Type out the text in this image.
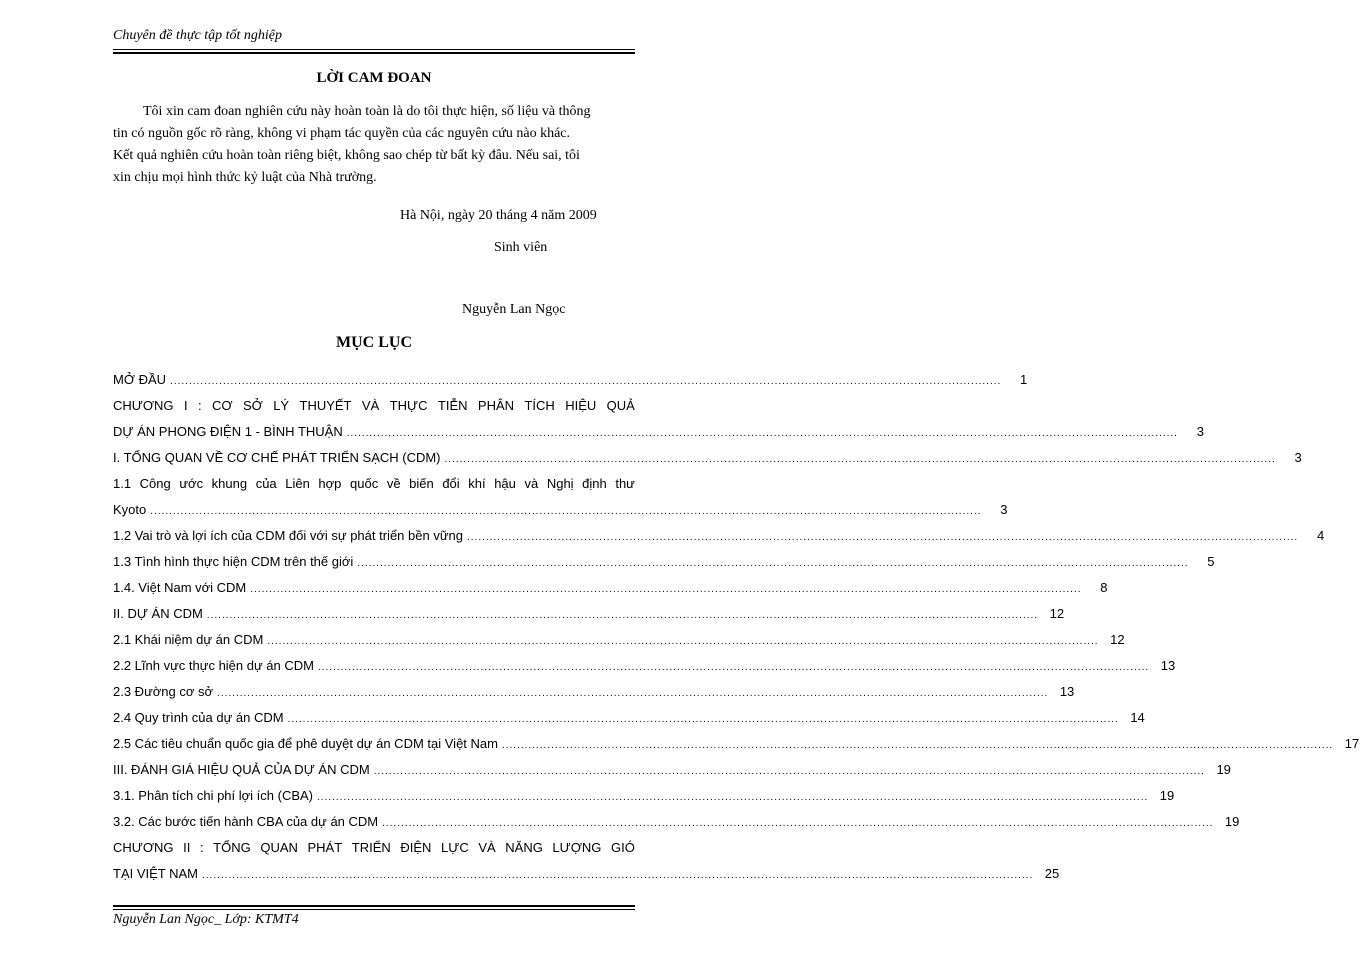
Chuyên đề thực tập tốt nghiệp
LỜI CAM ĐOAN
Tôi xin cam đoan nghiên cứu này hoàn toàn là do tôi thực hiện, số liệu và thông
tin có nguồn gốc rõ ràng, không vi phạm tác quyền của các nguyên cứu nào khác.
Kết quả nghiên cứu hoàn toàn riêng biệt, không sao chép từ bất kỳ đâu. Nếu sai, tôi
xin chịu mọi hình thức kỷ luật của Nhà trường.
Hà Nội, ngày 20 tháng 4 năm 2009
Sinh viên
Nguyễn Lan Ngọc
MỤC LỤC
MỞ ĐẦU ............................................................................................................................................................................................................................	1
CHƯƠNG I : CƠ SỞ LÝ THUYẾT VÀ THỰC TIỄN PHÂN TÍCH HIỆU QUẢ
DỰ ÁN PHONG ĐIỆN 1 - BÌNH THUẬN ............................................................................................................................................................................................................................	3
I. TỔNG QUAN VỀ CƠ CHẾ PHÁT TRIỂN SẠCH (CDM) ............................................................................................................................................................................................................................	3
1.1 Công ước khung của Liên hợp quốc về biến đổi khí hậu và Nghị định thư
Kyoto ............................................................................................................................................................................................................................	3
1.2 Vai trò và lợi ích của CDM đối với sự phát triển bền vững ............................................................................................................................................................................................................................	4
1.3 Tình hình thực hiện CDM trên thế giới ............................................................................................................................................................................................................................	5
1.4. Việt Nam với CDM ............................................................................................................................................................................................................................	8
II. DỰ ÁN CDM ............................................................................................................................................................................................................................ 12
2.1 Khái niệm dự án CDM ............................................................................................................................................................................................................................ 12
2.2 Lĩnh vực thực hiện dự án CDM ............................................................................................................................................................................................................................ 13
2.3 Đường cơ sở ............................................................................................................................................................................................................................ 13
2.4 Quy trình của dự án CDM ............................................................................................................................................................................................................................ 14
2.5 Các tiêu chuẩn quốc gia để phê duyệt dự án CDM tại Việt Nam ............................................................................................................................................................................................................................ 17
III. ĐÁNH GIÁ HIỆU QUẢ CỦA DỰ ÁN CDM ............................................................................................................................................................................................................................ 19
3.1. Phân tích chi phí lợi ích (CBA) ............................................................................................................................................................................................................................ 19
3.2. Các bước tiến hành CBA của dự án CDM ............................................................................................................................................................................................................................ 19
CHƯƠNG II : TỔNG QUAN PHÁT TRIỂN ĐIỆN LỰC VÀ NĂNG LƯỢNG GIÓ
TẠI VIỆT NAM ............................................................................................................................................................................................................................ 25
Nguyễn Lan Ngọc_ Lớp: KTMT4
